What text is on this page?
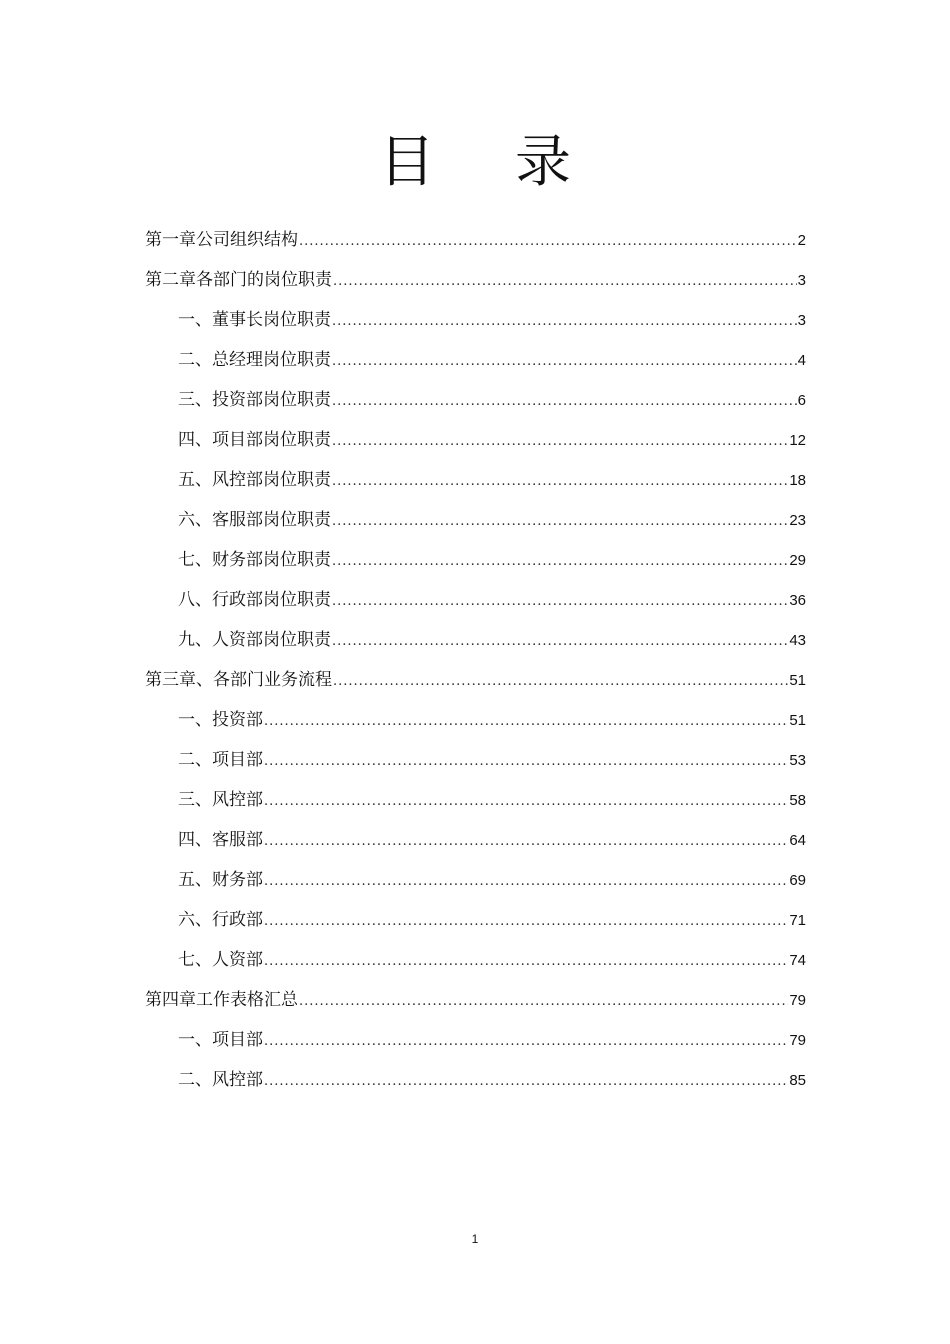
目 录
第一章公司组织结构 .....	2
第二章各部门的岗位职责 .....	3
一、董事长岗位职责 .....	3
二、总经理岗位职责 .....	4
三、投资部岗位职责 .....	6
四、项目部岗位职责 .....	12
五、风控部岗位职责 .....	18
六、客服部岗位职责 .....	23
七、财务部岗位职责 .....	29
八、行政部岗位职责 .....	36
九、人资部岗位职责 .....	43
第三章、各部门业务流程 .....	51
一、投资部 .....	51
二、项目部 .....	53
三、风控部 .....	58
四、客服部 .....	64
五、财务部 .....	69
六、行政部 .....	71
七、人资部 .....	74
第四章工作表格汇总 .....	79
一、项目部 .....	79
二、风控部 .....	85
1
